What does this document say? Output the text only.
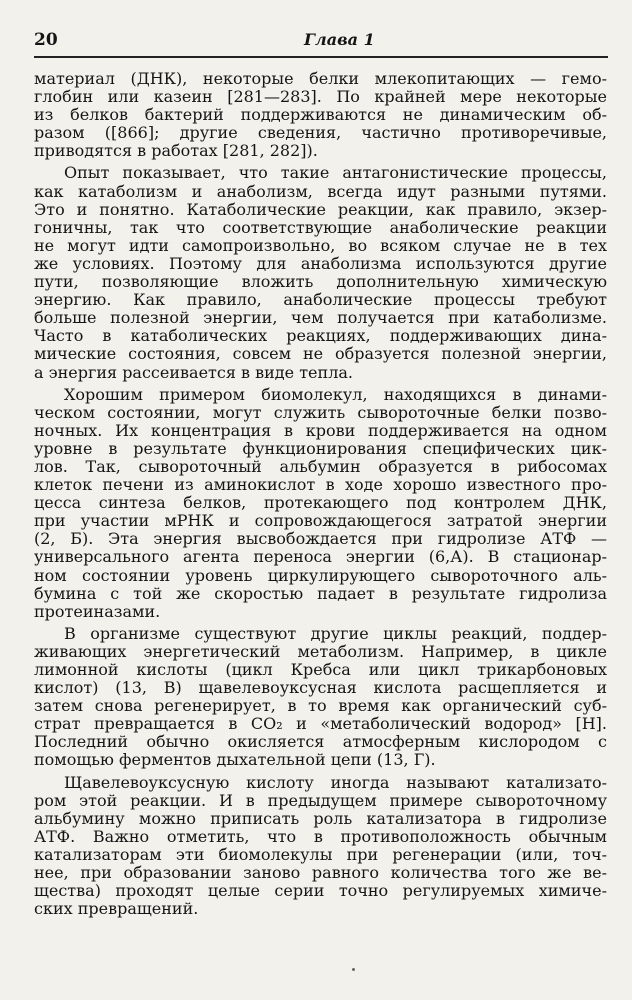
20	Глава 1
материал (ДНК), некоторые белки млекопитающих — гемо-
глобин или казеин [281—283]. По крайней мере некоторые
из белков бактерий поддерживаются не динамическим об-
разом ([866]; другие сведения, частично противоречивые,
приводятся в работах [281, 282]).
Опыт показывает, что такие антагонистические процессы,
как катаболизм и анаболизм, всегда идут разными путями.
Это и понятно. Катаболические реакции, как правило, экзер-
гоничны, так что соответствующие анаболические реакции
не могут идти самопроизвольно, во всяком случае не в тех
же условиях. Поэтому для анаболизма используются другие
пути, позволяющие вложить дополнительную химическую
энергию. Как правило, анаболические процессы требуют
больше полезной энергии, чем получается при катаболизме.
Часто в катаболических реакциях, поддерживающих дина-
мические состояния, совсем не образуется полезной энергии,
а энергия рассеивается в виде тепла.
Хорошим примером биомолекул, находящихся в динами-
ческом состоянии, могут служить сывороточные белки позво-
ночных. Их концентрация в крови поддерживается на одном
уровне в результате функционирования специфических цик-
лов. Так, сывороточный альбумин образуется в рибосомах
клеток печени из аминокислот в ходе хорошо известного про-
цесса синтеза белков, протекающего под контролем ДНК,
при участии мРНК и сопровождающегося затратой энергии
(2, Б). Эта энергия высвобождается при гидролизе АТФ —
универсального агента переноса энергии (6,А). В стационар-
ном состоянии уровень циркулирующего сывороточного аль-
бумина с той же скоростью падает в результате гидролиза
протеиназами.
В организме существуют другие циклы реакций, поддер-
живающих энергетический метаболизм. Например, в цикле
лимонной кислоты (цикл Кребса или цикл трикарбоновых
кислот) (13, В) щавелевоуксусная кислота расщепляется и
затем снова регенерирует, в то время как органический суб-
страт превращается в CO₂ и «метаболический водород» [Н].
Последний обычно окисляется атмосферным кислородом с
помощью ферментов дыхательной цепи (13, Г).
Щавелевоуксусную кислоту иногда называют катализато-
ром этой реакции. И в предыдущем примере сывороточному
альбумину можно приписать роль катализатора в гидролизе
АТФ. Важно отметить, что в противоположность обычным
катализаторам эти биомолекулы при регенерации (или, точ-
нее, при образовании заново равного количества того же ве-
щества) проходят целые серии точно регулируемых химиче-
ских превращений.
